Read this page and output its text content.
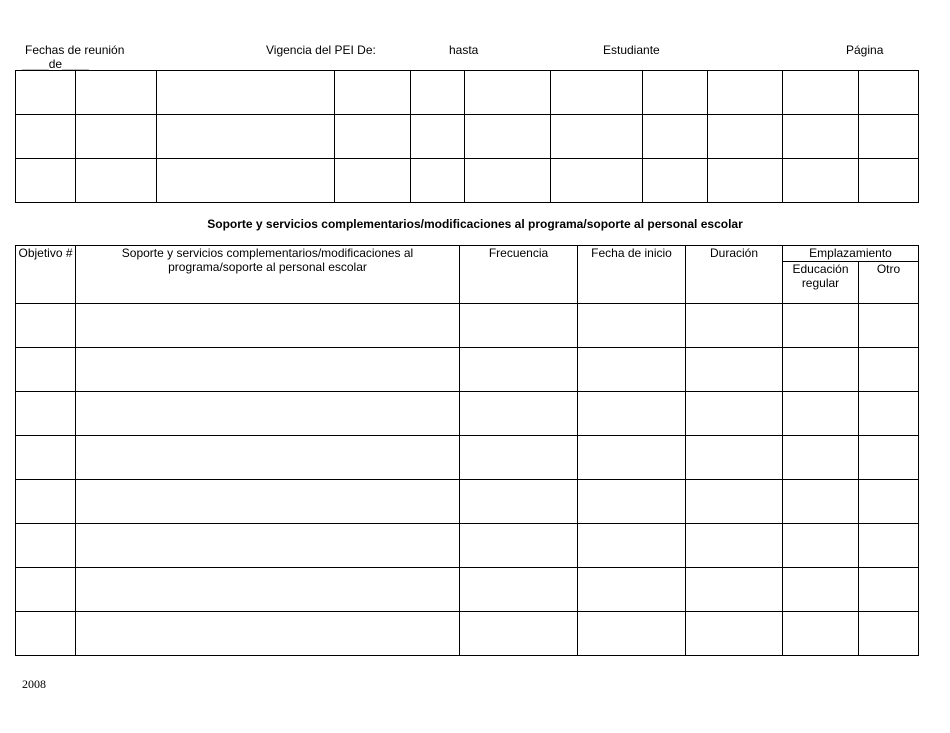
Fechas de reunión
____de____
Vigencia del PEI De:	hasta	Estudiante	Página

Soporte y servicios complementarios/modificaciones al programa/soporte al personal escolar
Objetivo #	Soporte y servicios complementarios/modificaciones al programa/soporte al personal escolar	Frecuencia	Fecha de inicio	Duración	Emplazamiento	
					Educación regular	Otro

2008
